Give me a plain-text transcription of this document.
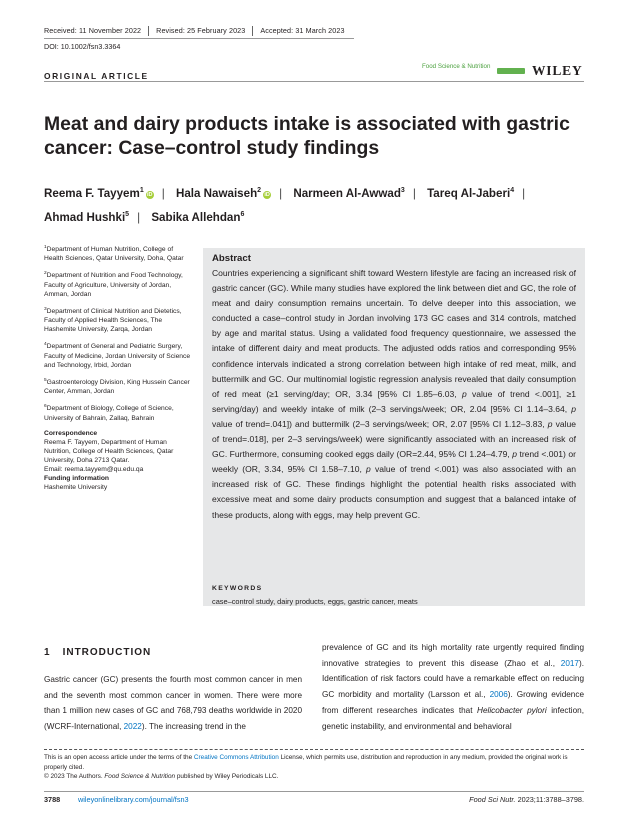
Received: 11 November 2022 Revised: 25 February 2023 Accepted: 31 March 2023
DOI: 10.1002/fsn3.3364
ORIGINAL ARTICLE
Food Science & Nutrition	WILEY
Meat and dairy products intake is associated with gastric cancer: Case–control study findings
Reema F. Tayyem$^1$iD | Hala Nawaiseh$^2$iD | Narmeen Al-Awwad$^3$ | Tareq Al-Jaberi$^4$ | Ahmad Hushki$^5$ | Sabika Allehdan$^6$

$^1$Department of Human Nutrition, College of Health Sciences, Qatar University, Doha, Qatar

$^2$Department of Nutrition and Food Technology, Faculty of Agriculture, University of Jordan, Amman, Jordan

$^3$Department of Clinical Nutrition and Dietetics, Faculty of Applied Health Sciences, The Hashemite University, Zarqa, Jordan

$^4$Department of General and Pediatric Surgery, Faculty of Medicine, Jordan University of Science and Technology, Irbid, Jordan

$^5$Gastroenterology Division, King Hussein Cancer Center, Amman, Jordan

$^6$Department of Biology, College of Science, University of Bahrain, Zallaq, Bahrain

Correspondence

Reema F. Tayyem, Department of Human Nutrition, College of Health Sciences, Qatar University, Doha 2713 Qatar.

Email: reema.tayyem@qu.edu.qa

Funding information

Hashemite University

Abstract
Countries experiencing a significant shift toward Western lifestyle are facing an increased risk of gastric cancer (GC). While many studies have explored the link between diet and GC, the role of meat and dairy consumption remains uncertain. To delve deeper into this association, we conducted a case–control study in Jordan involving 173 GC cases and 314 controls, matched by age and marital status. Using a validated food frequency questionnaire, we assessed the intake of different dairy and meat products. The adjusted odds ratios and corresponding 95% confidence intervals indicated a strong correlation between high intake of red meat, milk, and buttermilk and GC. Our multinomial logistic regression analysis revealed that daily consumption of red meat (≥1 serving/day; OR, 3.34 [95% CI 1.85–6.03, p value of trend <.001], ≥1 serving/day) and weekly intake of milk (2–3 servings/week; OR, 2.04 [95% CI 1.14–3.64, p value of trend=.041]) and buttermilk (2–3 servings/week; OR, 2.07 [95% CI 1.12–3.83, p value of trend=.018], per 2–3 servings/week) were significantly associated with an increased risk of GC. Furthermore, consuming cooked eggs daily (OR=2.44, 95% CI 1.24–4.79, p trend <.001) or weekly (OR, 3.34, 95% CI 1.58–7.10, p value of trend <.001) was also associated with an increased risk of GC. These findings highlight the potential health risks associated with excessive meat and some dairy products consumption and suggest that a balanced intake of these products, along with eggs, may help prevent GC.
KEYWORDS
case–control study, dairy products, eggs, gastric cancer, meats
1 INTRODUCTION
Gastric cancer (GC) presents the fourth most common cancer in men and the seventh most common cancer in women. There were more than 1 million new cases of GC and 768,793 deaths worldwide in 2020 (WCRF-International, 2022). The increasing trend in the
prevalence of GC and its high mortality rate urgently required finding innovative strategies to prevent this disease (Zhao et al., 2017). Identification of risk factors could have a remarkable effect on reducing GC morbidity and mortality (Larsson et al., 2006). Growing evidence from different researches indicates that Helicobacter pylori infection, genetic instability, and environmental and behavioral

This is an open access article under the terms of the Creative Commons Attribution License, which permits use, distribution and reproduction in any medium, provided the original work is properly cited.

© 2023 The Authors. Food Science & Nutrition published by Wiley Periodicals LLC.

3788 wileyonlinelibrary.com/journal/fsn3	Food Sci Nutr. 2023;11:3788–3798.
